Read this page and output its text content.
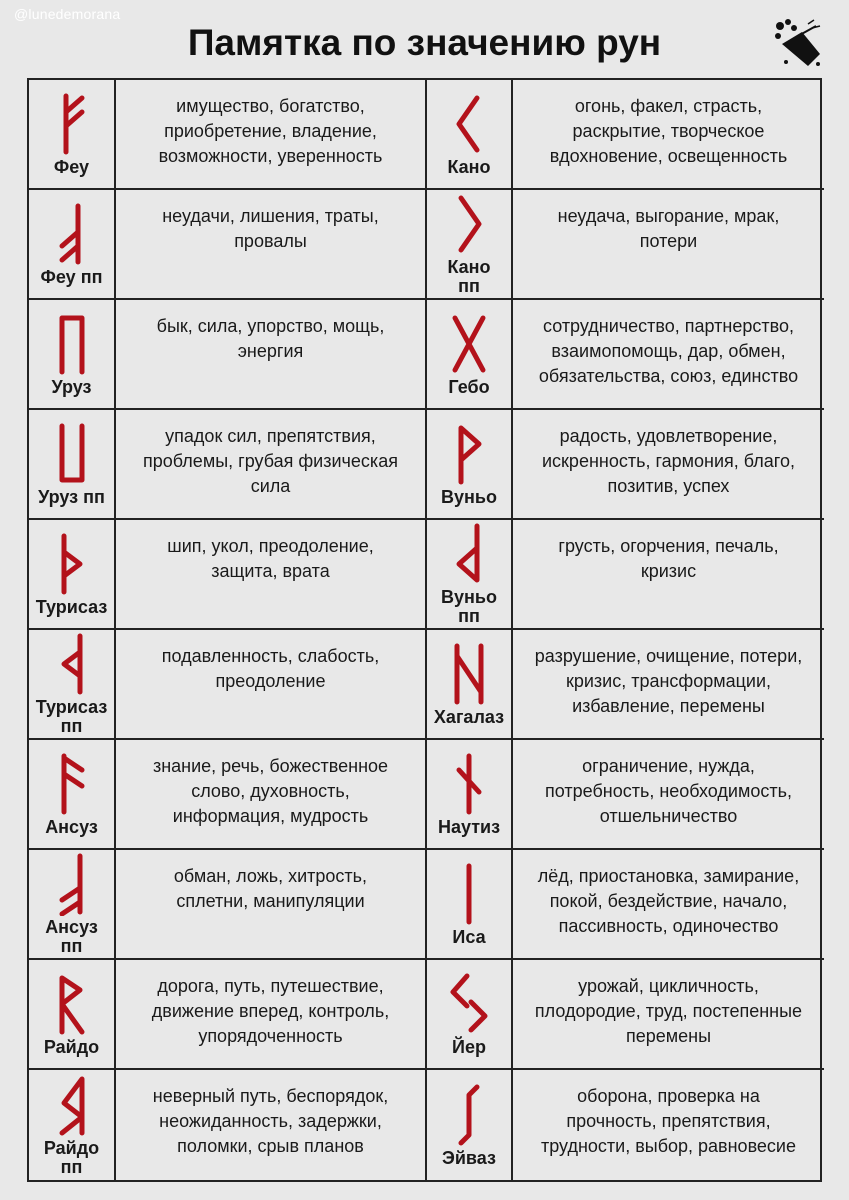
@lunedemorana
Памятка по значению рун
Феу
имущество, богатство,
приобретение, владение,
возможности, уверенность
Кано
огонь, факел, страсть,
раскрытие, творческое
вдохновение, освещенность
Феу пп
неудачи, лишения, траты,
провалы
Кано
пп
неудача, выгорание, мрак,
потери
Уруз
бык, сила, упорство, мощь,
энергия
Гебо
сотрудничество, партнерство,
взаимопомощь, дар, обмен,
обязательства, союз, единство
Уруз пп
упадок сил, препятствия,
проблемы, грубая физическая
сила
Вуньо
радость, удовлетворение,
искренность, гармония, благо,
позитив, успех
Турисаз
шип, укол, преодоление,
защита, врата
Вуньо
пп
грусть, огорчения, печаль,
кризис
Турисаз
пп
подавленность, слабость,
преодоление
Хагалаз
разрушение, очищение, потери,
кризис, трансформации,
избавление, перемены
Ансуз
знание, речь, божественное
слово, духовность,
информация, мудрость
Наутиз
ограничение, нужда,
потребность, необходимость,
отшельничество
Ансуз
пп
обман, ложь, хитрость,
сплетни, манипуляции
Иса
лёд, приостановка, замирание,
покой, бездействие, начало,
пассивность, одиночество
Райдо
дорога, путь, путешествие,
движение вперед, контроль,
упорядоченность
Йер
урожай, цикличность,
плодородие, труд, постепенные
перемены
Райдо
пп
неверный путь, беспорядок,
неожиданность, задержки,
поломки, срыв планов
Эйваз
оборона, проверка на
прочность, препятствия,
трудности, выбор, равновесие
